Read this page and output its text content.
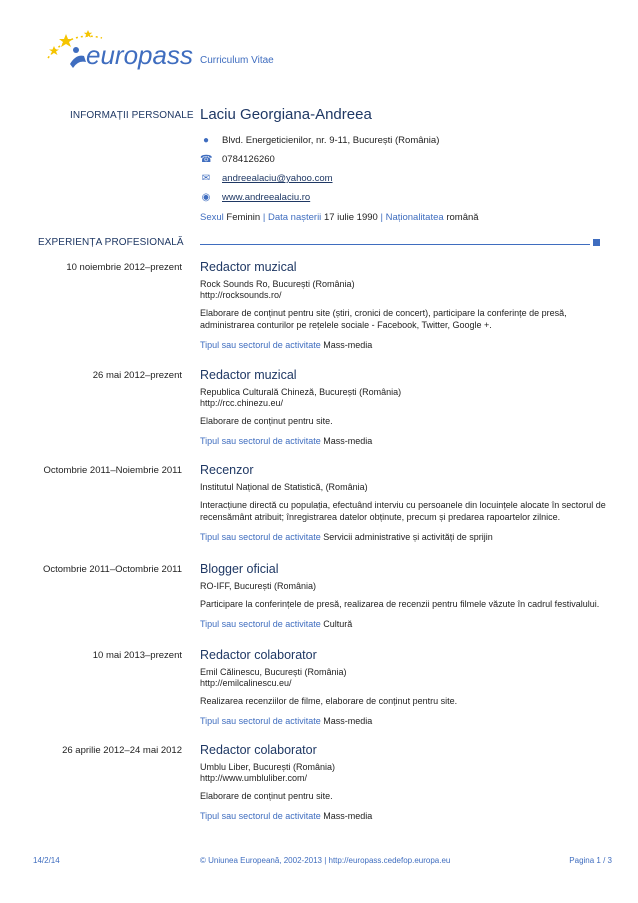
europass Curriculum Vitae
INFORMAȚII PERSONALE Laciu Georgiana-Andreea
● Blvd. Energeticienilor, nr. 9-11, București (România)
☎ 0784126260
✉ andreealaciu@yahoo.com
◉ www.andreealaciu.ro
Sexul Feminin | Data nașterii 17 iulie 1990 | Naționalitatea română
EXPERIENȚA PROFESIONALĂ
10 noiembrie 2012–prezent Redactor muzical
Rock Sounds Ro, București (România)
http://rocksounds.ro/
Elaborare de conținut pentru site (știri, cronici de concert), participare la conferințe de presă, administrarea conturilor pe rețelele sociale - Facebook, Twitter, Google +.
Tipul sau sectorul de activitate Mass-media
26 mai 2012–prezent Redactor muzical
Republica Culturală Chineză, București (România)
http://rcc.chinezu.eu/
Elaborare de conținut pentru site.
Tipul sau sectorul de activitate Mass-media
Octombrie 2011–Noiembrie 2011 Recenzor
Institutul Național de Statistică, (România)
Interacțiune directă cu populația, efectuând interviu cu persoanele din locuințele alocate în sectorul de recensământ atribuit; înregistrarea datelor obținute, precum și predarea rapoartelor zilnice.
Tipul sau sectorul de activitate Servicii administrative și activități de sprijin
Octombrie 2011–Octombrie 2011 Blogger oficial
RO-IFF, București (România)
Participare la conferințele de presă, realizarea de recenzii pentru filmele văzute în cadrul festivalului.
Tipul sau sectorul de activitate Cultură
10 mai 2013–prezent Redactor colaborator
Emil Călinescu, București (România)
http://emilcalinescu.eu/
Realizarea recenziilor de filme, elaborare de conținut pentru site.
Tipul sau sectorul de activitate Mass-media
26 aprilie 2012–24 mai 2012 Redactor colaborator
Umblu Liber, București (România)
http://www.umbluliber.com/
Elaborare de conținut pentru site.
Tipul sau sectorul de activitate Mass-media
14/2/14	© Uniunea Europeană, 2002-2013 | http://europass.cedefop.europa.eu	Pagina 1 / 3
